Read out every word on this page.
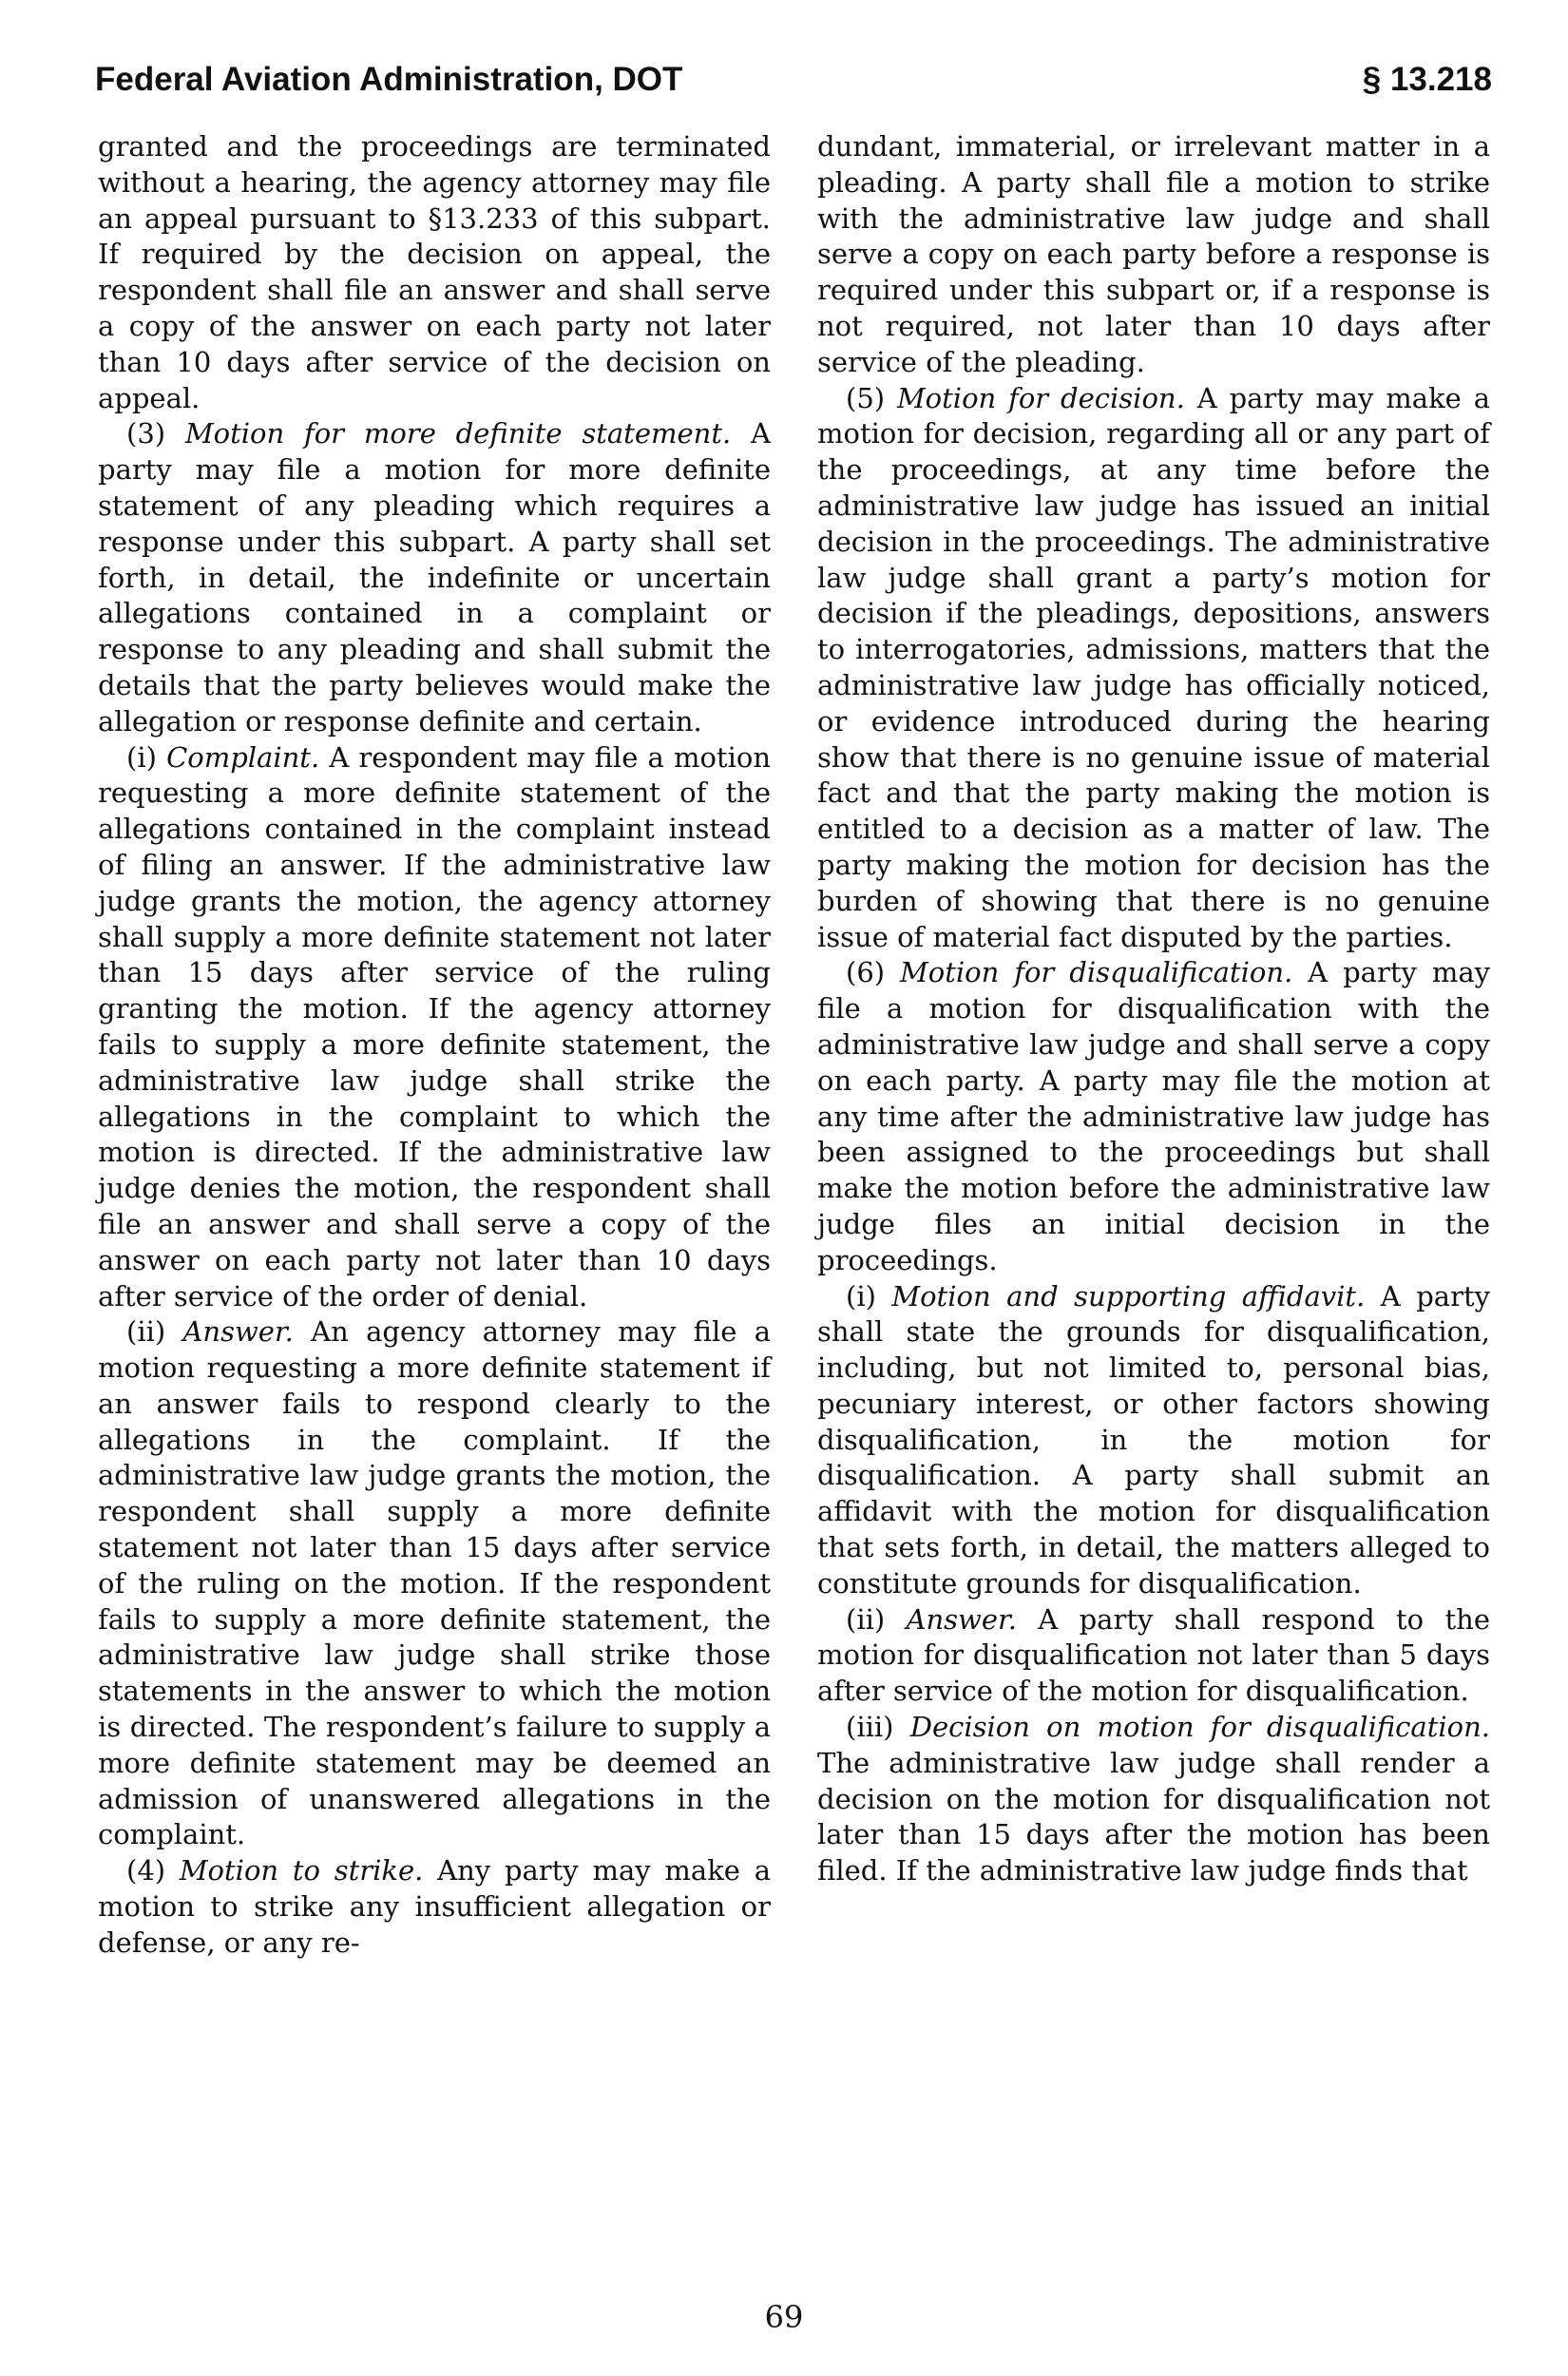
Federal Aviation Administration, DOT	§ 13.218

granted and the proceedings are terminated without a hearing, the agency attorney may file an appeal pursuant to §13.233 of this subpart. If required by the decision on appeal, the respondent shall file an answer and shall serve a copy of the answer on each party not later than 10 days after service of the decision on appeal.

(3) Motion for more definite statement. A party may file a motion for more definite statement of any pleading which requires a response under this subpart. A party shall set forth, in detail, the indefinite or uncertain allegations contained in a complaint or response to any pleading and shall submit the details that the party believes would make the allegation or response definite and certain.

(i) Complaint. A respondent may file a motion requesting a more definite statement of the allegations contained in the complaint instead of filing an answer. If the administrative law judge grants the motion, the agency attorney shall supply a more definite statement not later than 15 days after service of the ruling granting the motion. If the agency attorney fails to supply a more definite statement, the administrative law judge shall strike the allegations in the complaint to which the motion is directed. If the administrative law judge denies the motion, the respondent shall file an answer and shall serve a copy of the answer on each party not later than 10 days after service of the order of denial.

(ii) Answer. An agency attorney may file a motion requesting a more definite statement if an answer fails to respond clearly to the allegations in the complaint. If the administrative law judge grants the motion, the respondent shall supply a more definite statement not later than 15 days after service of the ruling on the motion. If the respondent fails to supply a more definite statement, the administrative law judge shall strike those statements in the answer to which the motion is directed. The respondent’s failure to supply a more definite statement may be deemed an admission of unanswered allegations in the complaint.

(4) Motion to strike. Any party may make a motion to strike any insufficient allegation or defense, or any re-

dundant, immaterial, or irrelevant matter in a pleading. A party shall file a motion to strike with the administrative law judge and shall serve a copy on each party before a response is required under this subpart or, if a response is not required, not later than 10 days after service of the pleading.

(5) Motion for decision. A party may make a motion for decision, regarding all or any part of the proceedings, at any time before the administrative law judge has issued an initial decision in the proceedings. The administrative law judge shall grant a party’s motion for decision if the pleadings, depositions, answers to interrogatories, admissions, matters that the administrative law judge has officially noticed, or evidence introduced during the hearing show that there is no genuine issue of material fact and that the party making the motion is entitled to a decision as a matter of law. The party making the motion for decision has the burden of showing that there is no genuine issue of material fact disputed by the parties.

(6) Motion for disqualification. A party may file a motion for disqualification with the administrative law judge and shall serve a copy on each party. A party may file the motion at any time after the administrative law judge has been assigned to the proceedings but shall make the motion before the administrative law judge files an initial decision in the proceedings.

(i) Motion and supporting affidavit. A party shall state the grounds for disqualification, including, but not limited to, personal bias, pecuniary interest, or other factors showing disqualification, in the motion for disqualification. A party shall submit an affidavit with the motion for disqualification that sets forth, in detail, the matters alleged to constitute grounds for disqualification.

(ii) Answer. A party shall respond to the motion for disqualification not later than 5 days after service of the motion for disqualification.

(iii) Decision on motion for disqualification. The administrative law judge shall render a decision on the motion for disqualification not later than 15 days after the motion has been filed. If the administrative law judge finds that

69
